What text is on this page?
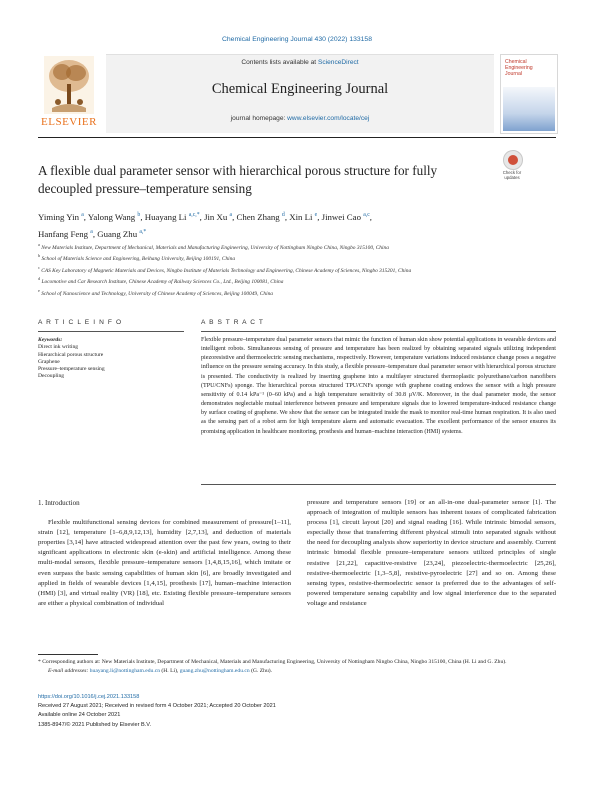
Chemical Engineering Journal 430 (2022) 133158
ELSEVIER
Contents lists available at ScienceDirect
Chemical Engineering Journal
journal homepage: www.elsevier.com/locate/cej
Chemical
Engineering
Journal
A flexible dual parameter sensor with hierarchical porous structure for fully decoupled pressure–temperature sensing
Check for
updates
Yiming Yin $^a$, Yalong Wang $^b$, Huayang Li $^{a,c,*}$, Jin Xu $^a$, Chen Zhang $^d$, Xin Li $^e$, Jinwei Cao $^{a,c}$,
Hanfang Feng $^a$, Guang Zhu $^{a,*}$
$^a$ New Materials Institute, Department of Mechanical, Materials and Manufacturing Engineering, University of Nottingham Ningbo China, Ningbo 315100, China
$^b$ School of Materials Science and Engineering, Beihang University, Beijing 100191, China
$^c$ CAS Key Laboratory of Magnetic Materials and Devices, Ningbo Institute of Materials Technology and Engineering, Chinese Academy of Sciences, Ningbo 315201, China
$^d$ Locomotive and Car Research Institute, Chinese Academy of Railway Sciences Co., Ltd., Beijing 100081, China
$^e$ School of Nanoscience and Technology, University of Chinese Academy of Sciences, Beijing 100049, China
A R T I C L E I N F O	A B S T R A C T
Keywords:
Direct ink writing
Hierarchical porous structure
Graphene
Pressure–temperature sensing
Decoupling
Flexible pressure–temperature dual parameter sensors that mimic the function of human skin show potential applications in wearable devices and intelligent robots. Simultaneous sensing of pressure and temperature has been realized by obtaining separated signals utilizing independent piezoresistive and thermoelectric sensing mechanisms, respectively. However, temperature variations induced resistance change poses a negative influence on the pressure sensing accuracy. In this study, a flexible pressure–temperature dual parameter sensor with hierarchical porous structure is presented. The conductivity is realized by inserting graphene into a multilayer structured thermoplastic polyurethane/carbon nanofibers (TPU/CNFs) sponge. The hierarchical porous structured TPU/CNFs sponge with graphene coating endows the sensor with a high pressure sensitivity of 0.14 kPa⁻¹ (0–60 kPa) and a high temperature sensitivity of 30.8 μV/K. Moreover, in the dual parameter mode, the sensor demonstrates neglectable mutual interference between pressure and temperature signals due to lowered temperature-induced resistance change by surface coating of graphene. We show that the sensor can be integrated inside the mask to monitor real-time human respiration. It is also used as the sensing part of a robot arm for high temperature alarm and automatic evacuation. The excellent performance of the sensor ensures its promising application in healthcare monitoring, prosthesis and human–machine interaction (HMI) systems.
1. Introduction
Flexible multifunctional sensing devices for combined measurement of pressure[1–11], strain [12], temperature [1–6,8,9,12,13], humidity [2,7,13], and deduction of materials properties [3,14] have attracted widespread attention over the past few years, owing to their significant applications in electronic skin (e-skin) and artificial intelligence. Among these multi-modal sensors, flexible pressure–temperature sensors [1,4,8,15,16], which imitate or even surpass the basic sensing capabilities of human skin [6], are broadly investigated and applied in fields of wearable devices [1,4,15], prosthesis [17], human–machine interaction (HMI) [3], and virtual reality (VR) [18], etc. Existing flexible pressure–temperature sensors are either a physical combination of individual
pressure and temperature sensors [19] or an all-in-one dual-parameter sensor [1]. The approach of integration of multiple sensors has inherent issues of complicated fabrication process [1], circuit layout [20] and signal reading [16]. While intrinsic bimodal sensors, especially those that transferring different physical stimuli into separated signals without the need for decoupling analysis show superiority in device structure and assembly. Current intrinsic bimodal flexible pressure–temperature sensors utilized principles of single resistive [21,22], capacitive-resistive [23,24], piezoelectric-thermoelectric [25,26], resistive-thermoelectric [1,3–5,8], resistive-pyroelectric [27] and so on. Among these sensing types, resistive-thermoelectric sensor is preferred due to the advantages of self-powered temperature sensing capability and low signal interference due to the separated voltage and resistance
* Corresponding authors at: New Materials Institute, Department of Mechanical, Materials and Manufacturing Engineering, University of Nottingham Ningbo China, Ningbo 315100, China (H. Li and G. Zhu).
E-mail addresses: huayang.li@nottingham.edu.cn (H. Li), guang.zhu@nottingham.edu.cn (G. Zhu).
https://doi.org/10.1016/j.cej.2021.133158
Received 27 August 2021; Received in revised form 4 October 2021; Accepted 20 October 2021
Available online 24 October 2021
1385-8947/© 2021 Published by Elsevier B.V.
